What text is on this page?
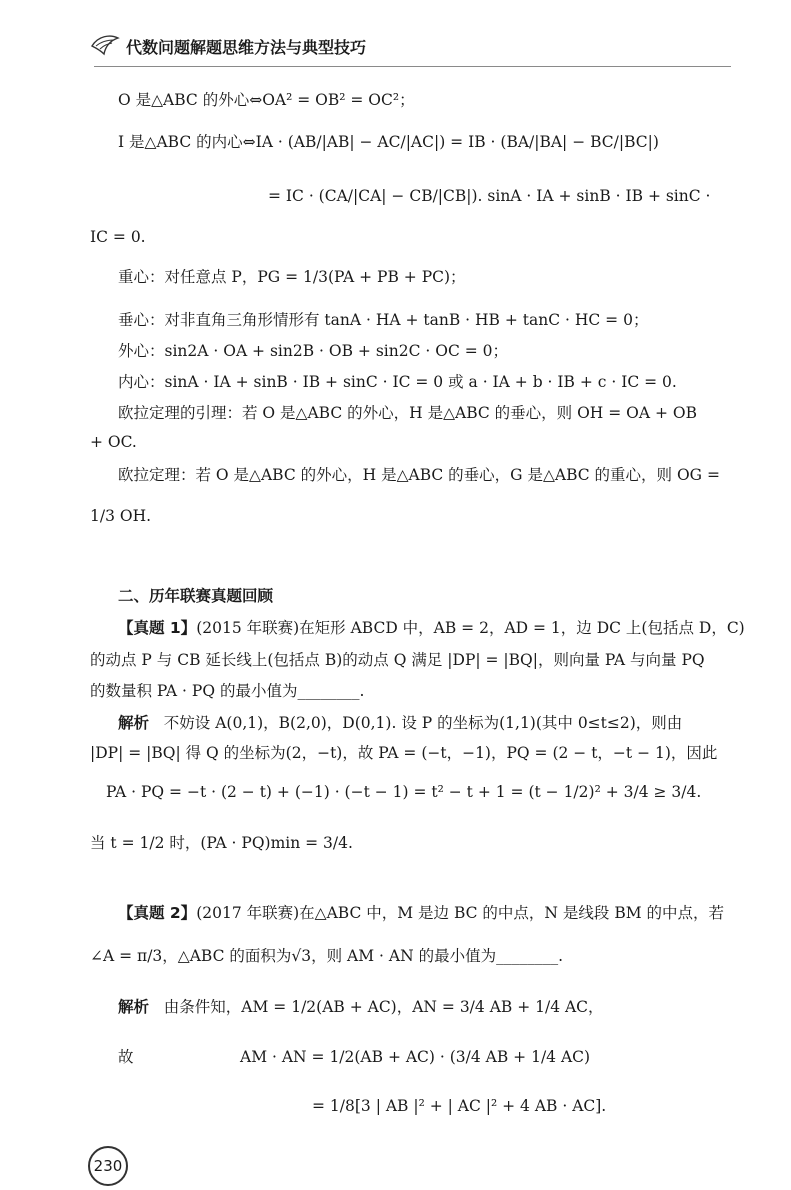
代数问题解题思维方法与典型技巧
O 是△ABC 的外心⇔OA² = OB² = OC²；
I 是△ABC 的内心⇔IA · (AB/|AB| − AC/|AC|) = IB · (BA/|BA| − BC/|BC|)
= IC · (CA/|CA| − CB/|CB|). sinA · IA + sinB · IB + sinC ·
IC = 0.
重心：对任意点 P，PG = 1/3(PA + PB + PC)；
垂心：对非直角三角形情形有 tanA · HA + tanB · HB + tanC · HC = 0；
外心：sin2A · OA + sin2B · OB + sin2C · OC = 0；
内心：sinA · IA + sinB · IB + sinC · IC = 0 或 a · IA + b · IB + c · IC = 0.
欧拉定理的引理：若 O 是△ABC 的外心，H 是△ABC 的垂心，则 OH = OA + OB
+ OC.
欧拉定理：若 O 是△ABC 的外心，H 是△ABC 的垂心，G 是△ABC 的重心，则 OG =
1/3 OH.
二、历年联赛真题回顾
【真题 1】(2015 年联赛)在矩形 ABCD 中，AB = 2，AD = 1，边 DC 上(包括点 D，C)
的动点 P 与 CB 延长线上(包括点 B)的动点 Q 满足 |DP| = |BQ|，则向量 PA 与向量 PQ
的数量积 PA · PQ 的最小值为________.
解析 不妨设 A(0,1)，B(2,0)，D(0,1). 设 P 的坐标为(1,1)(其中 0≤t≤2)，则由
|DP| = |BQ| 得 Q 的坐标为(2，−t)，故 PA = (−t，−1)，PQ = (2 − t，−t − 1)，因此
PA · PQ = −t · (2 − t) + (−1) · (−t − 1) = t² − t + 1 = (t − 1/2)² + 3/4 ≥ 3/4.
当 t = 1/2 时，(PA · PQ)min = 3/4.
【真题 2】(2017 年联赛)在△ABC 中，M 是边 BC 的中点，N 是线段 BM 的中点，若
∠A = π/3，△ABC 的面积为√3，则 AM · AN 的最小值为________.
解析 由条件知，AM = 1/2(AB + AC)，AN = 3/4 AB + 1/4 AC，
故	AM · AN = 1/2(AB + AC) · (3/4 AB + 1/4 AC)
= 1/8[3 | AB |² + | AC |² + 4 AB · AC].
230
